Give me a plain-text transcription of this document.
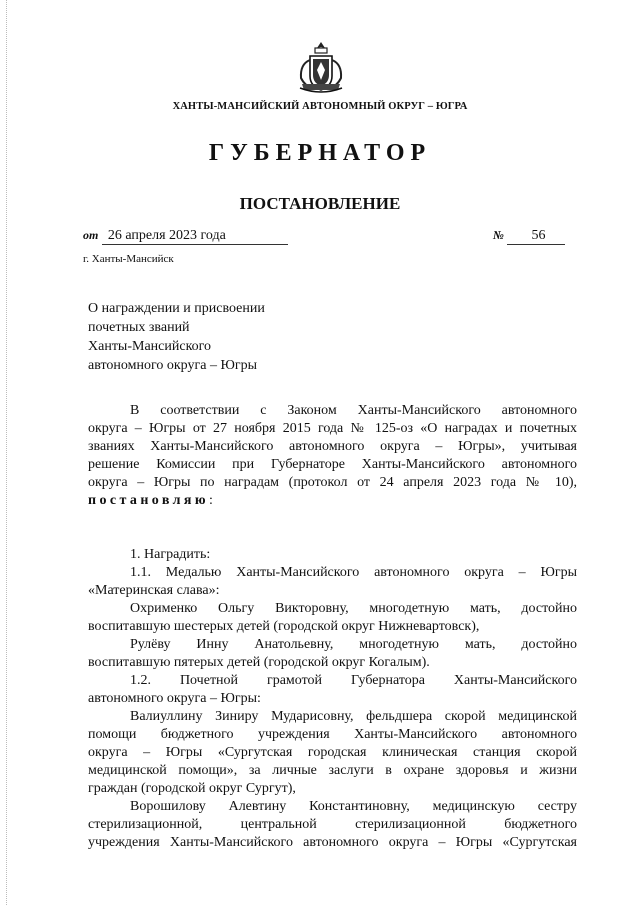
ХАНТЫ-МАНСИЙСКИЙ АВТОНОМНЫЙ ОКРУГ – ЮГРА
ГУБЕРНАТОР
ПОСТАНОВЛЕНИЕ
от 26 апреля 2023 года	№ 56
г. Ханты-Мансийск
О награждении и присвоении
почетных званий
Ханты-Мансийского
автономного округа – Югры

В соответствии с Законом Ханты-Мансийского автономного

округа – Югры от 27 ноября 2015 года № 125-оз «О наградах и почетных

званиях Ханты-Мансийского автономного округа – Югры», учитывая

решение Комиссии при Губернаторе Ханты-Мансийского автономного

округа – Югры по наградам (протокол от 24 апреля 2023 года № 10),

постановляю:

1. Наградить:

1.1. Медалью Ханты-Мансийского автономного округа – Югры

«Материнская слава»:

Охрименко Ольгу Викторовну, многодетную мать, достойно

воспитавшую шестерых детей (городской округ Нижневартовск),

Рулёву Инну Анатольевну, многодетную мать, достойно

воспитавшую пятерых детей (городской округ Когалым).

1.2. Почетной грамотой Губернатора Ханты-Мансийского

автономного округа – Югры:

Валиуллину Зиниру Мударисовну, фельдшера скорой медицинской

помощи бюджетного учреждения Ханты-Мансийского автономного

округа – Югры «Сургутская городская клиническая станция скорой

медицинской помощи», за личные заслуги в охране здоровья и жизни

граждан (городской округ Сургут),

Ворошилову Алевтину Константиновну, медицинскую сестру

стерилизационной, центральной стерилизационной бюджетного

учреждения Ханты-Мансийского автономного округа – Югры «Сургутская
